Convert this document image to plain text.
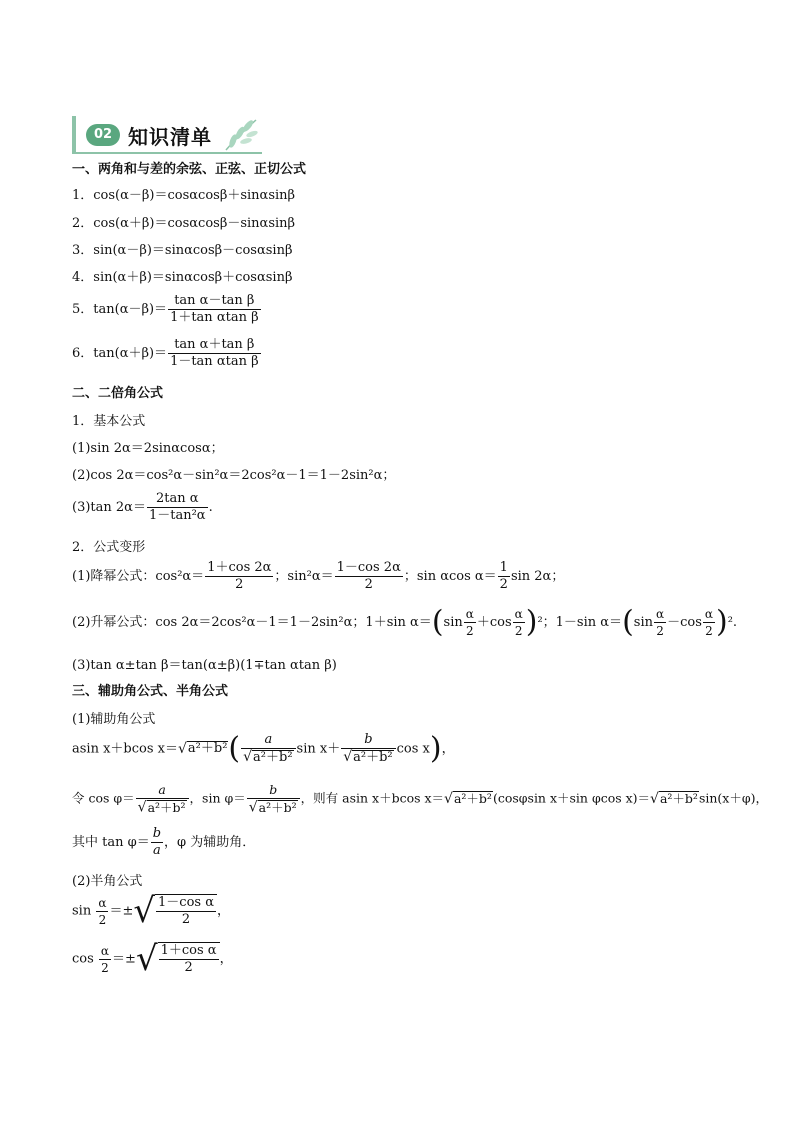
02 知识清单
一、两角和与差的余弦、正弦、正切公式
1．cos(α－β)＝cosαcosβ＋sinαsinβ
2．cos(α＋β)＝cosαcosβ－sinαsinβ
3．sin(α－β)＝sinαcosβ－cosαsinβ
4．sin(α＋β)＝sinαcosβ＋cosαsinβ
5．$\tan(\alpha-\beta)= \frac{\text{tan α－tan β}}{\text{1＋tan αtan β}}$
6．$\tan(\alpha+\beta)= \frac{\text{tan α＋tan β}}{\text{1－tan αtan β}}$
二、二倍角公式
1．基本公式
(1)sin 2α＝2sinαcosα；
(2)cos 2α＝cos²α－sin²α＝2cos²α－1＝1－2sin²α；
(3)tan $2\alpha= \frac{\text{2tan α}}{\text{1－tan²α}}$ .
2．公式变形
(1)降幂公式：$\cos^2\alpha= \frac{1+\cos 2\alpha}{2}$ ；$\sin^2\alpha= \frac{1-\cos 2\alpha}{2}$ ；sin αcos $\alpha= \frac{1}{2}$ sin 2α；
(2)升幂公式：cos 2α＝2cos²α－1＝1－2sin²α；1＋sin $\alpha=(\sin \frac{\alpha}{2} +\cos \frac{\alpha}{2} )^2$；1－sin $\alpha=(\sin \frac{\alpha}{2} -\cos \frac{\alpha}{2} )^2$.
(3)tan α±tan β＝tan(α±β)(1∓tan αtan β)
三、辅助角公式、半角公式
(1)辅助角公式
asin x＋bcos $x=√a^2+b^2( \frac{a}{\text{√a²＋b²}}$ $\sin x+ \frac{b}{\text{√a²＋b²}}$ cos x)，
令 $\cos \varphi= \frac{a}{\text{√a²＋b²}}$ ，$\sin \varphi= \frac{b}{\text{√a²＋b²}}$ ，则有 asin x＋bcos x＝√a²＋b²(cosφsin x＋sin φcos x)＝√a²＋b²sin(x＋φ)，
其中 $\tan \varphi= \frac{b}{a}$ ，φ 为辅助角．
(2)半角公式
$\sin \frac{\alpha}{2}$ ＝±√ $\frac{\text{1－cos α}}{2}$ ，
$\cos \frac{\alpha}{2}$ ＝±√ $\frac{\text{1＋cos α}}{2}$ ，
